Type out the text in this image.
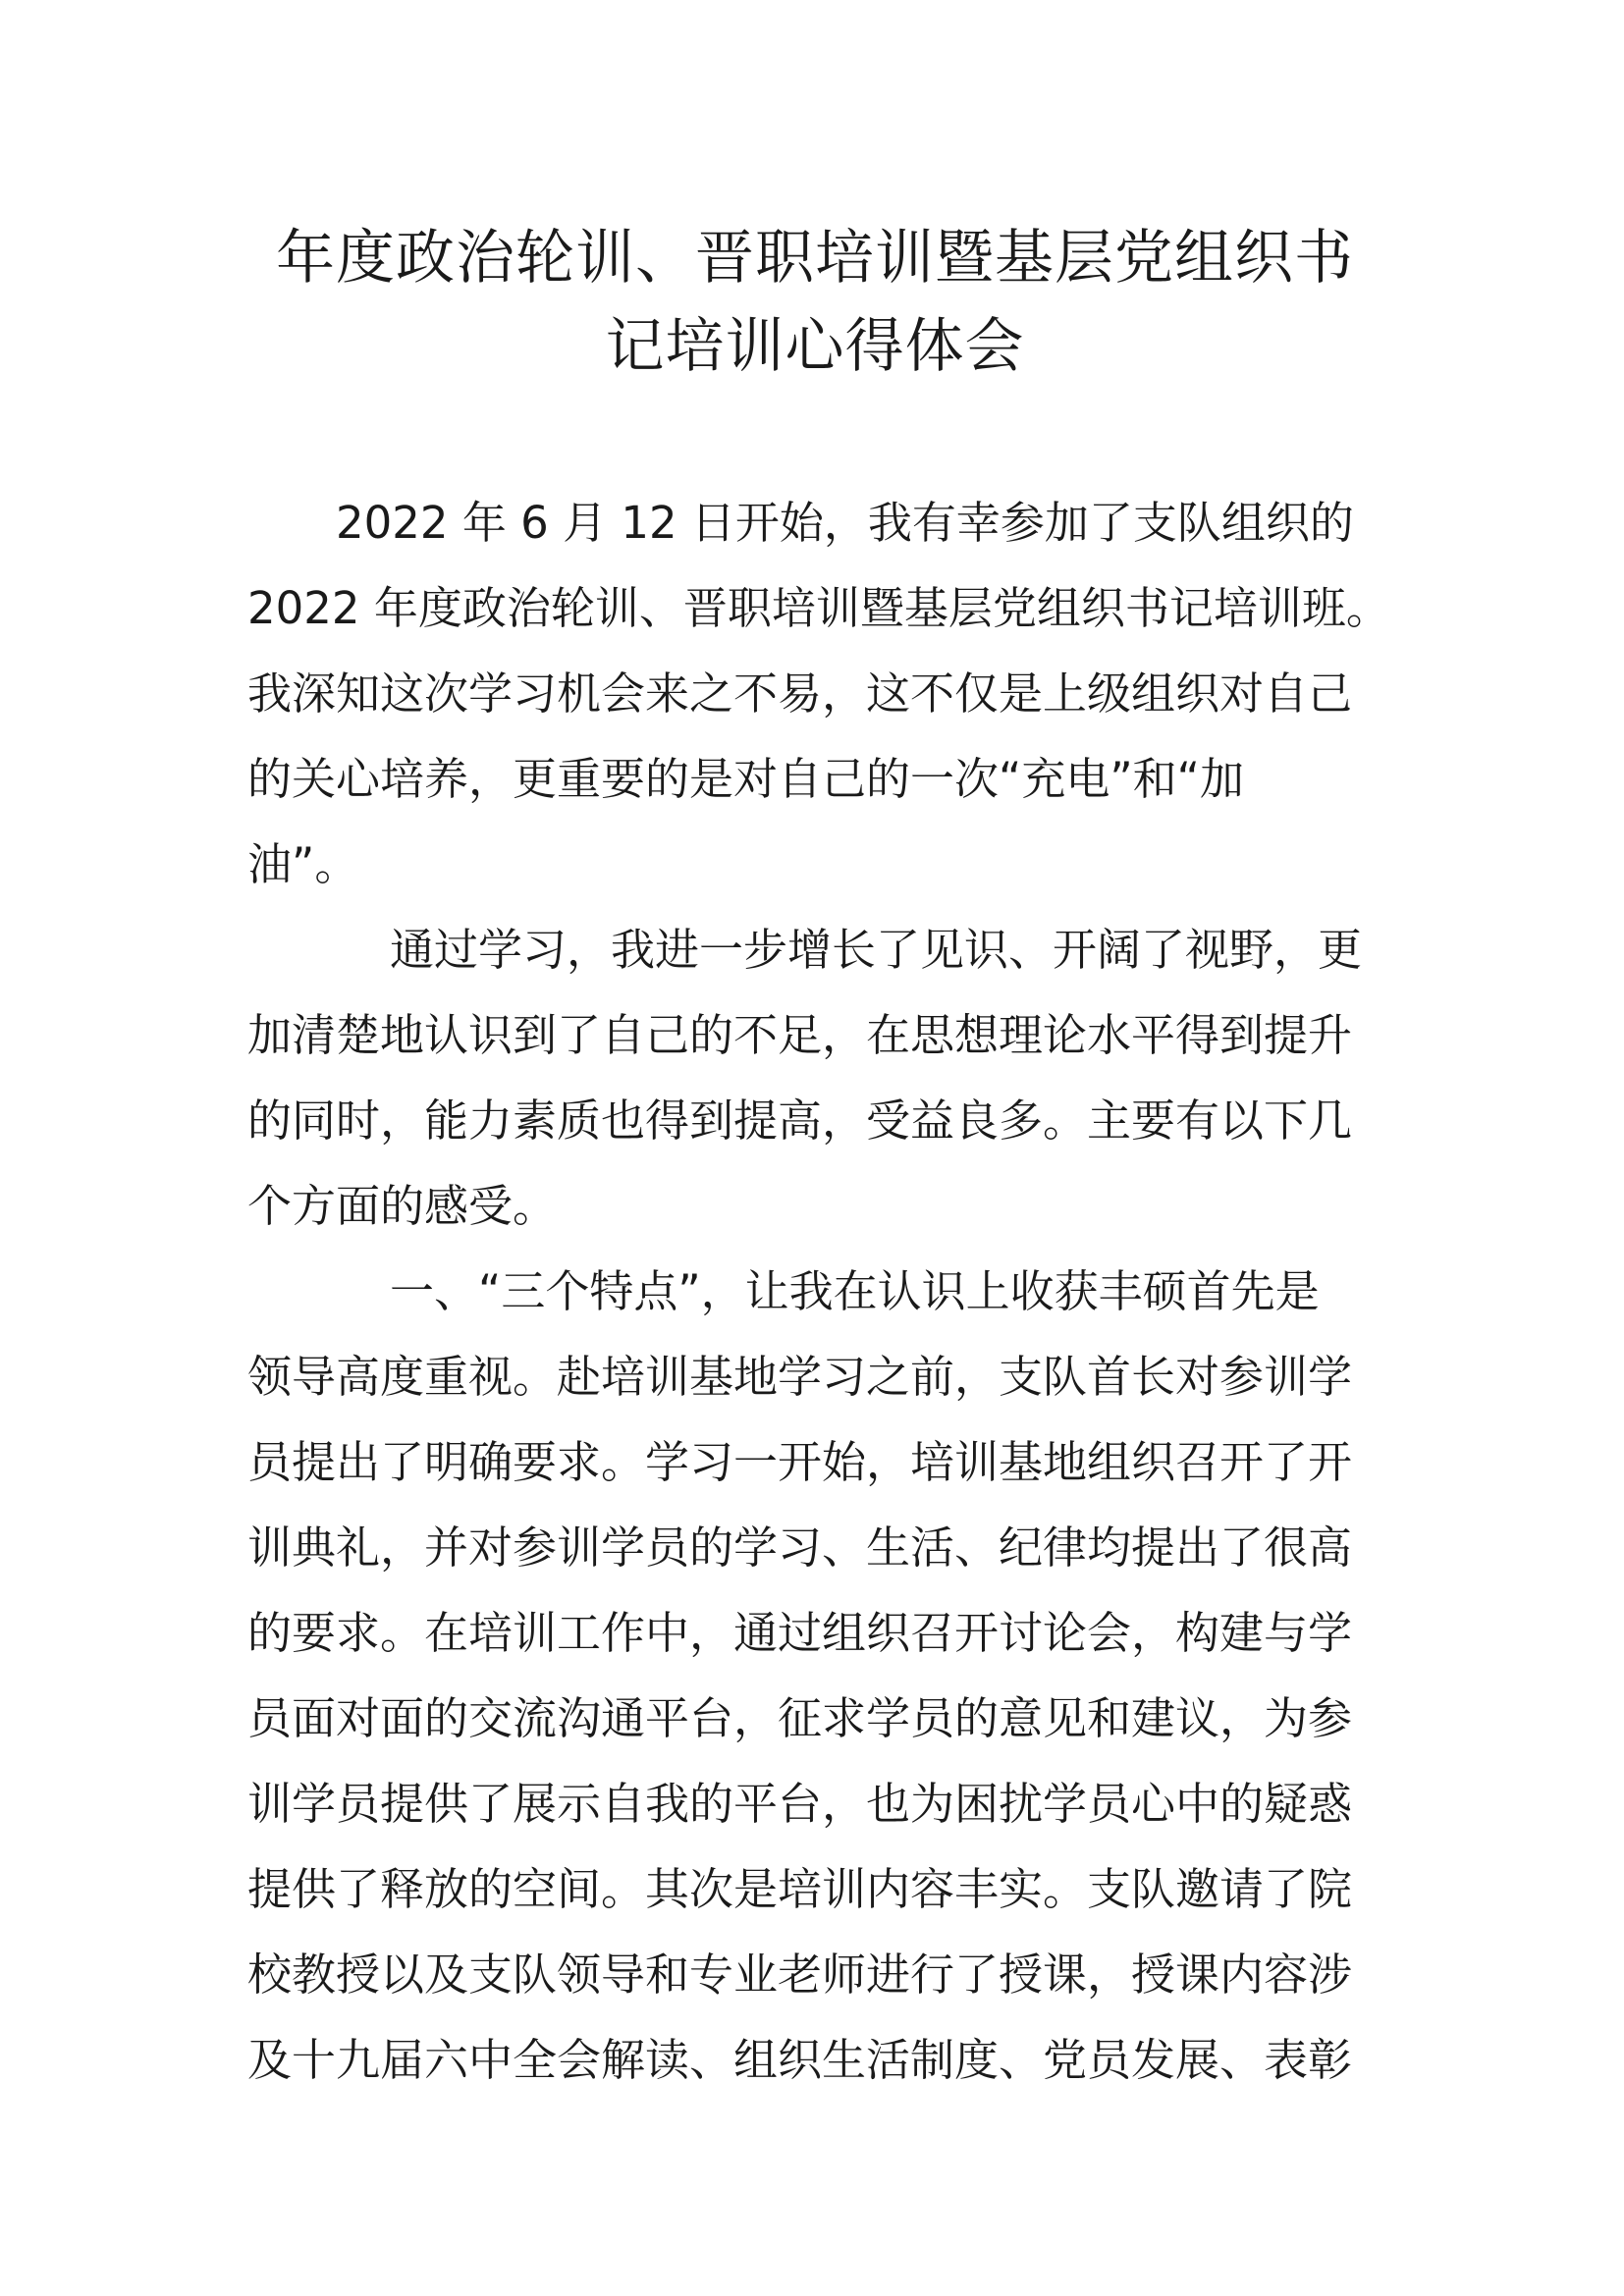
年度政治轮训、晋职培训暨基层党组织书
记培训心得体会
2022 年 6 月 12 日开始，我有幸参加了支队组织的
2022 年度政治轮训、晋职培训暨基层党组织书记培训班。
我深知这次学习机会来之不易，这不仅是上级组织对自己
的关心培养，更重要的是对自己的一次“充电”和“加
油”。
通过学习，我进一步增长了见识、开阔了视野，更
加清楚地认识到了自己的不足，在思想理论水平得到提升
的同时，能力素质也得到提高，受益良多。主要有以下几
个方面的感受。
一、“三个特点”，让我在认识上收获丰硕首先是
领导高度重视。赴培训基地学习之前，支队首长对参训学
员提出了明确要求。学习一开始，培训基地组织召开了开
训典礼，并对参训学员的学习、生活、纪律均提出了很高
的要求。在培训工作中，通过组织召开讨论会，构建与学
员面对面的交流沟通平台，征求学员的意见和建议，为参
训学员提供了展示自我的平台，也为困扰学员心中的疑惑
提供了释放的空间。其次是培训内容丰实。支队邀请了院
校教授以及支队领导和专业老师进行了授课，授课内容涉
及十九届六中全会解读、组织生活制度、党员发展、表彰
